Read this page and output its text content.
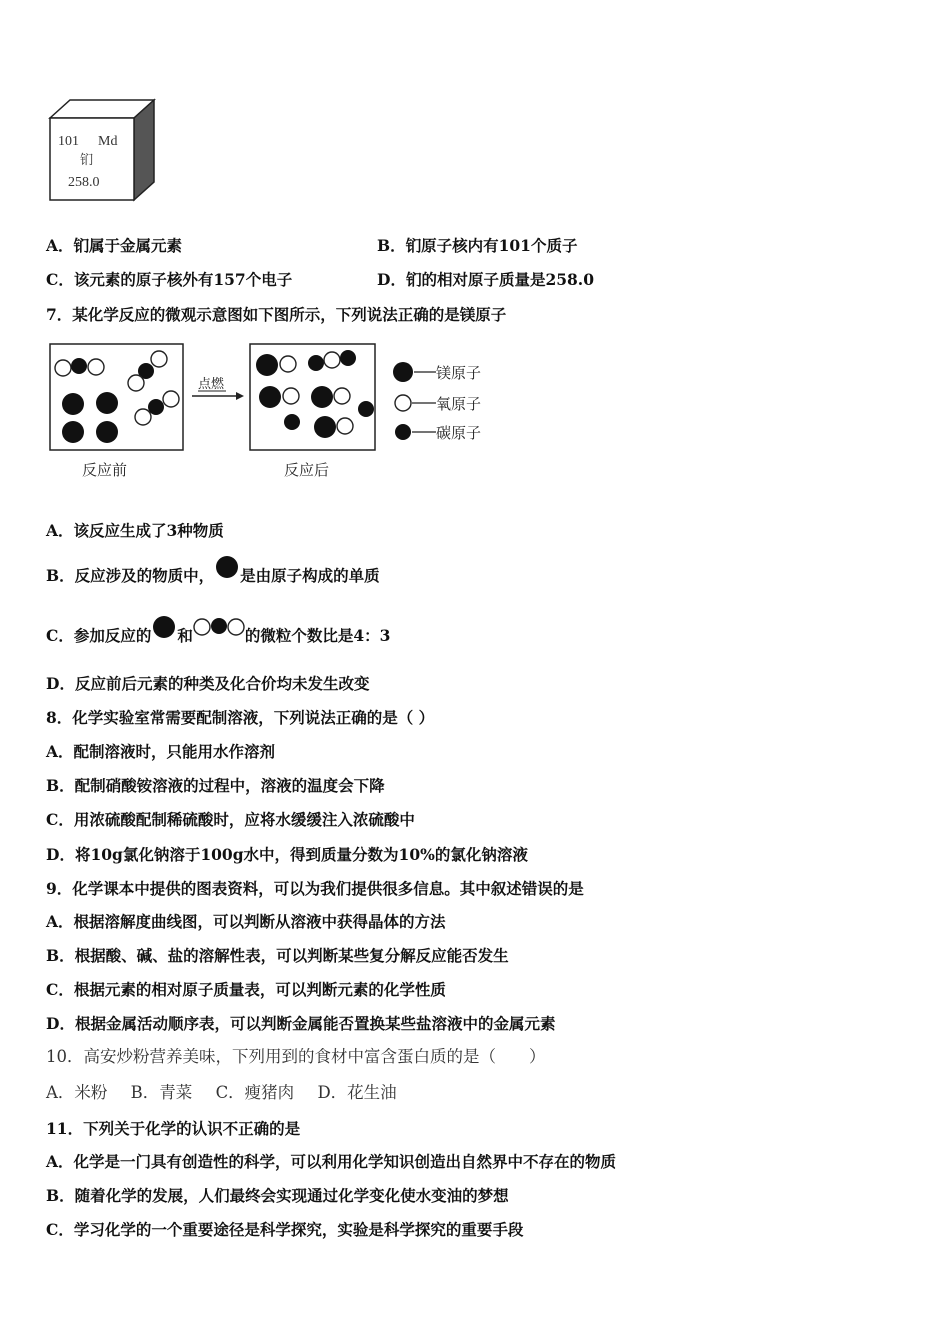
101 Md
钔
258.0
A．钔属于金属元素	B．钔原子核内有101个质子
C．该元素的原子核外有157个电子	D．钔的相对原子质量是258.0
7．某化学反应的微观示意图如下图所示，下列说法正确的是镁原子
点燃
反应前	反应后
镁原子
氧原子
碳原子
A．该反应生成了3种物质
B．反应涉及的物质中， 是由原子构成的单质
C．参加反应的 和	的微粒个数比是4：3
D．反应前后元素的种类及化合价均未发生改变
8．化学实验室常需要配制溶液，下列说法正确的是（ ）
A．配制溶液时，只能用水作溶剂
B．配制硝酸铵溶液的过程中，溶液的温度会下降
C．用浓硫酸配制稀硫酸时，应将水缓缓注入浓硫酸中
D．将10g氯化钠溶于100g水中，得到质量分数为10%的氯化钠溶液
9．化学课本中提供的图表资料，可以为我们提供很多信息。其中叙述错误的是
A．根据溶解度曲线图，可以判断从溶液中获得晶体的方法
B．根据酸、碱、盐的溶解性表，可以判断某些复分解反应能否发生
C．根据元素的相对原子质量表，可以判断元素的化学性质
D．根据金属活动顺序表，可以判断金属能否置换某些盐溶液中的金属元素
10．高安炒粉营养美味，下列用到的食材中富含蛋白质的是（　　）
A．米粉 B．青菜 C．瘦猪肉 D．花生油
11．下列关于化学的认识不正确的是
A．化学是一门具有创造性的科学，可以利用化学知识创造出自然界中不存在的物质
B．随着化学的发展，人们最终会实现通过化学变化使水变油的梦想
C．学习化学的一个重要途径是科学探究，实验是科学探究的重要手段
